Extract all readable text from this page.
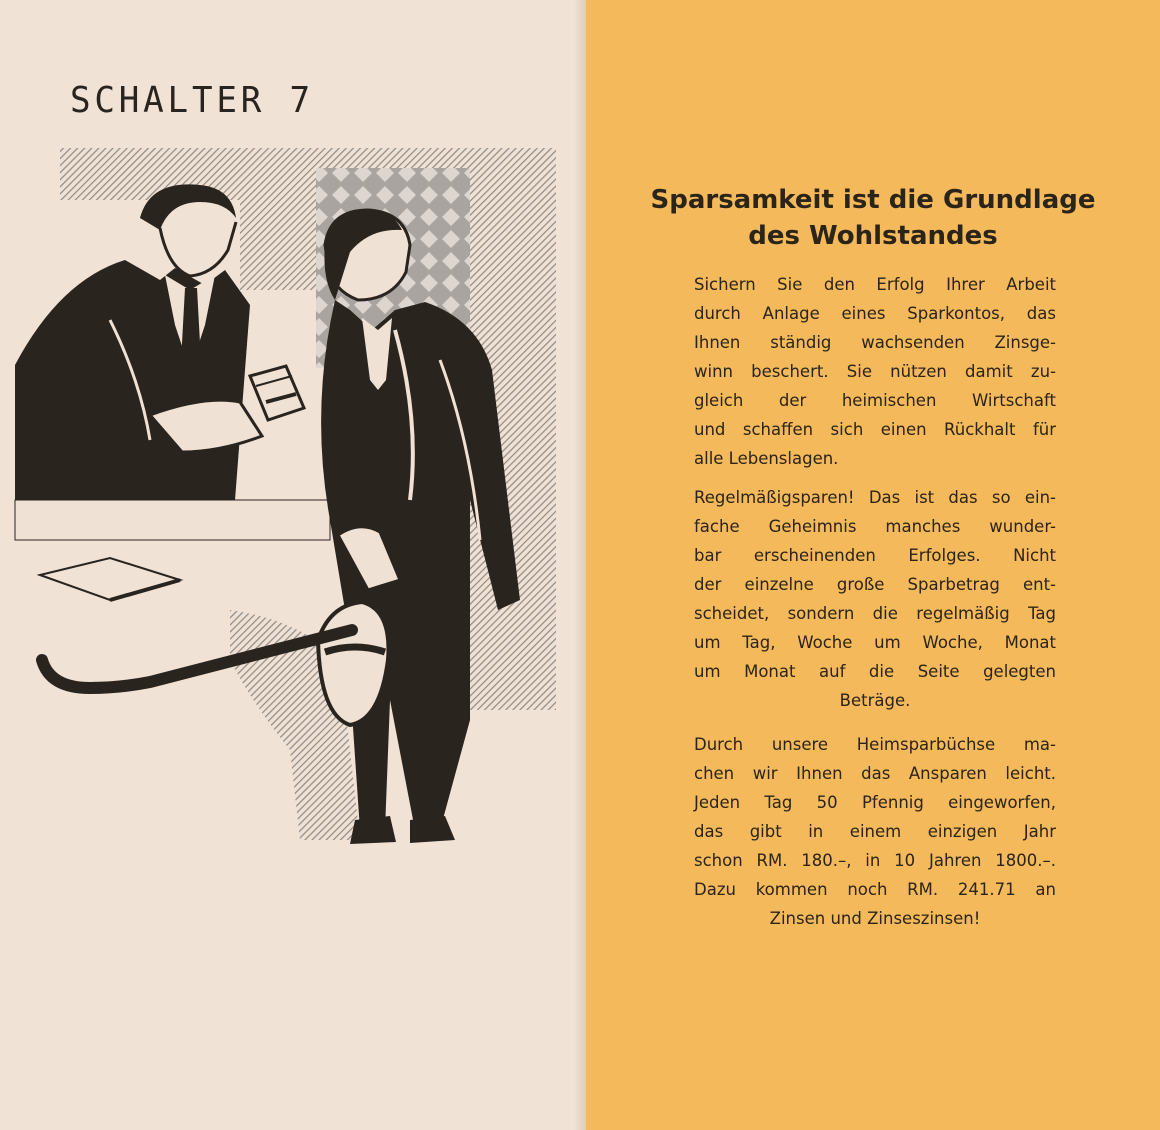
SCHALTER 7
Sparsamkeit ist die Grundlage
des Wohlstandes

Sichern Sie den Erfolg Ihrer Arbeit
durch Anlage eines Sparkontos, das
Ihnen ständig wachsenden Zinsge-
winn beschert. Sie nützen damit zu-
gleich der heimischen Wirtschaft
und schaffen sich einen Rückhalt für
alle Lebenslagen.

Regelmäßigsparen! Das ist das so ein-
fache Geheimnis manches wunder-
bar erscheinenden Erfolges. Nicht
der einzelne große Sparbetrag ent-
scheidet, sondern die regelmäßig Tag
um Tag, Woche um Woche, Monat
um Monat auf die Seite gelegten
Beträge.

Durch unsere Heimsparbüchse ma-
chen wir Ihnen das Ansparen leicht.
Jeden Tag 50 Pfennig eingeworfen,
das gibt in einem einzigen Jahr
schon RM. 180.–, in 10 Jahren 1800.–.
Dazu kommen noch RM. 241.71 an
Zinsen und Zinseszinsen!
